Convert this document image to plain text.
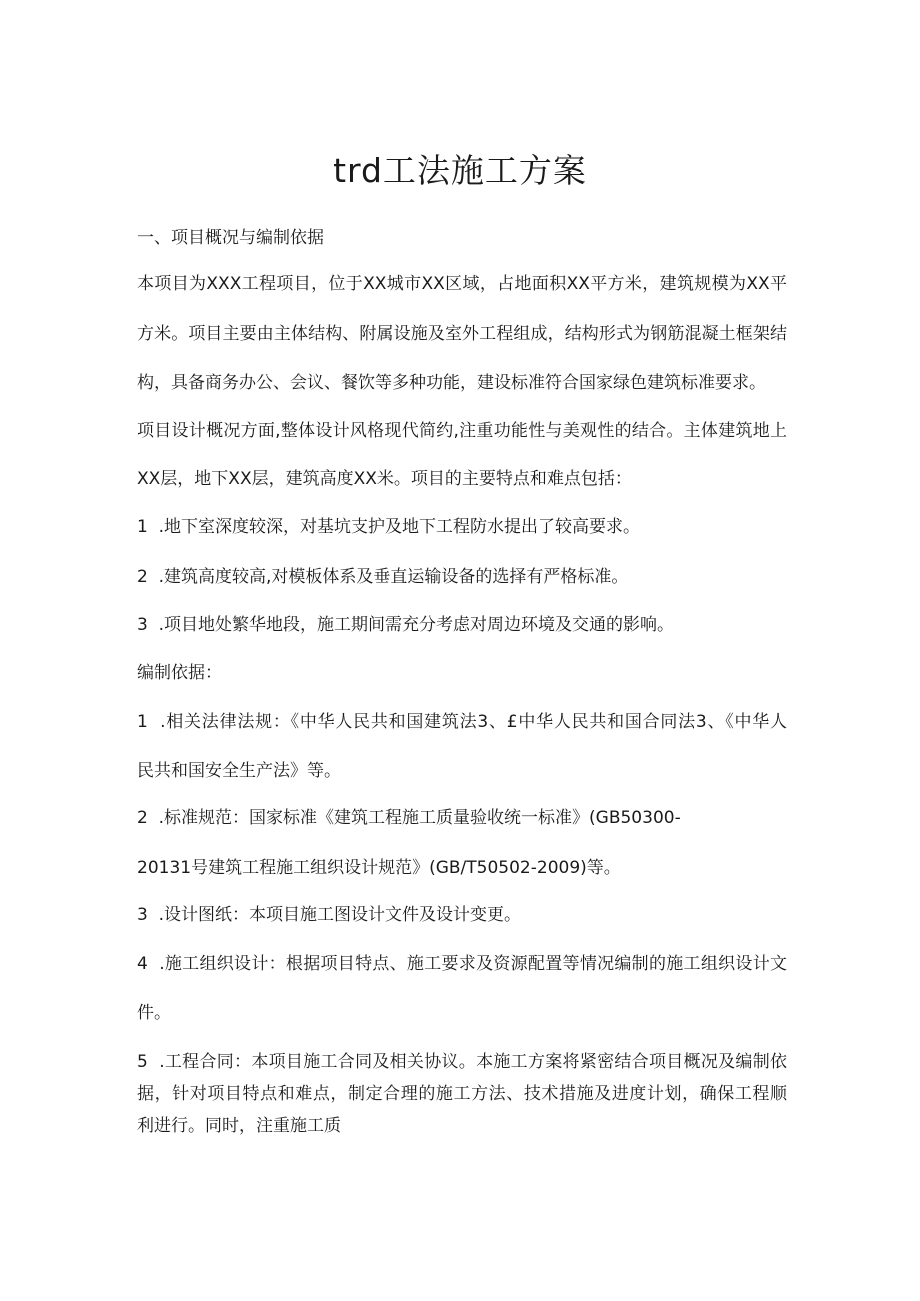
trd工法施工方案

一、项目概况与编制依据

本项目为XXX工程项目，位于XX城市XX区域，占地面积XX平方米，建筑规模为XX平

方米。项目主要由主体结构、附属设施及室外工程组成，结构形式为钢筋混凝土框架结

构，具备商务办公、会议、餐饮等多种功能，建设标准符合国家绿色建筑标准要求。

项目设计概况方面,整体设计风格现代简约,注重功能性与美观性的结合。主体建筑地上

XX层，地下XX层，建筑高度XX米。项目的主要特点和难点包括：

1  .地下室深度较深，对基坑支护及地下工程防水提出了较高要求。

2  .建筑高度较高,对模板体系及垂直运输设备的选择有严格标准。

3  .项目地处繁华地段，施工期间需充分考虑对周边环境及交通的影响。

编制依据：

1  .相关法律法规：《中华人民共和国建筑法3、£中华人民共和国合同法3、《中华人

民共和国安全生产法》等。

2  .标准规范：国家标准《建筑工程施工质量验收统一标准》(GB50300-

20131号建筑工程施工组织设计规范》(GB/T50502-2009)等。

3  .设计图纸：本项目施工图设计文件及设计变更。

4  .施工组织设计：根据项目特点、施工要求及资源配置等情况编制的施工组织设计文

件。

5  .工程合同：本项目施工合同及相关协议。本施工方案将紧密结合项目概况及编制依

据，针对项目特点和难点，制定合理的施工方法、技术措施及进度计划，确保工程顺

利进行。同时，注重施工质
